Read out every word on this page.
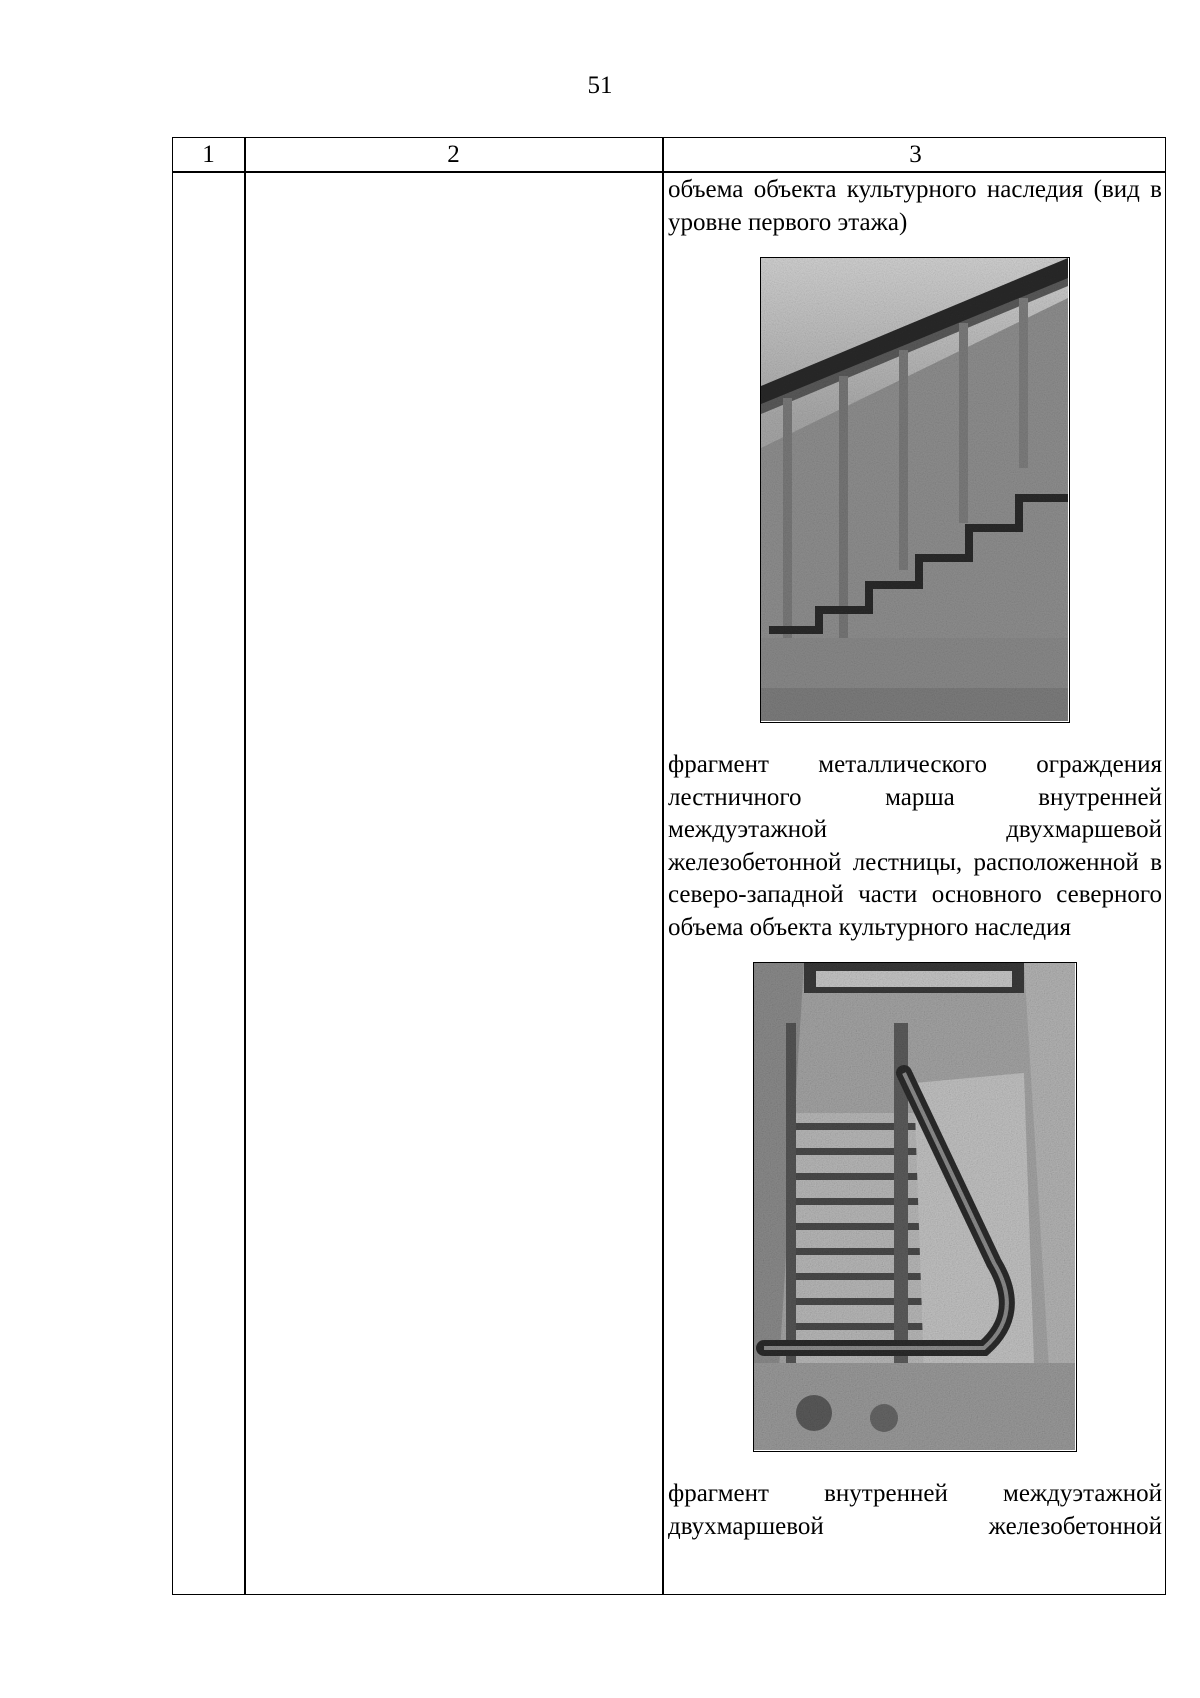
51
1	2	3

объема объекта культурного наследия (вид в уровне первого этажа)

фрагмент металлического ограждения лестничного марша внутренней междуэтажной двухмаршевой железобетонной лестницы, расположенной в северо-западной части основного северного объема объекта культурного наследия

фрагмент внутренней междуэтажной двухмаршевой железобетонной
